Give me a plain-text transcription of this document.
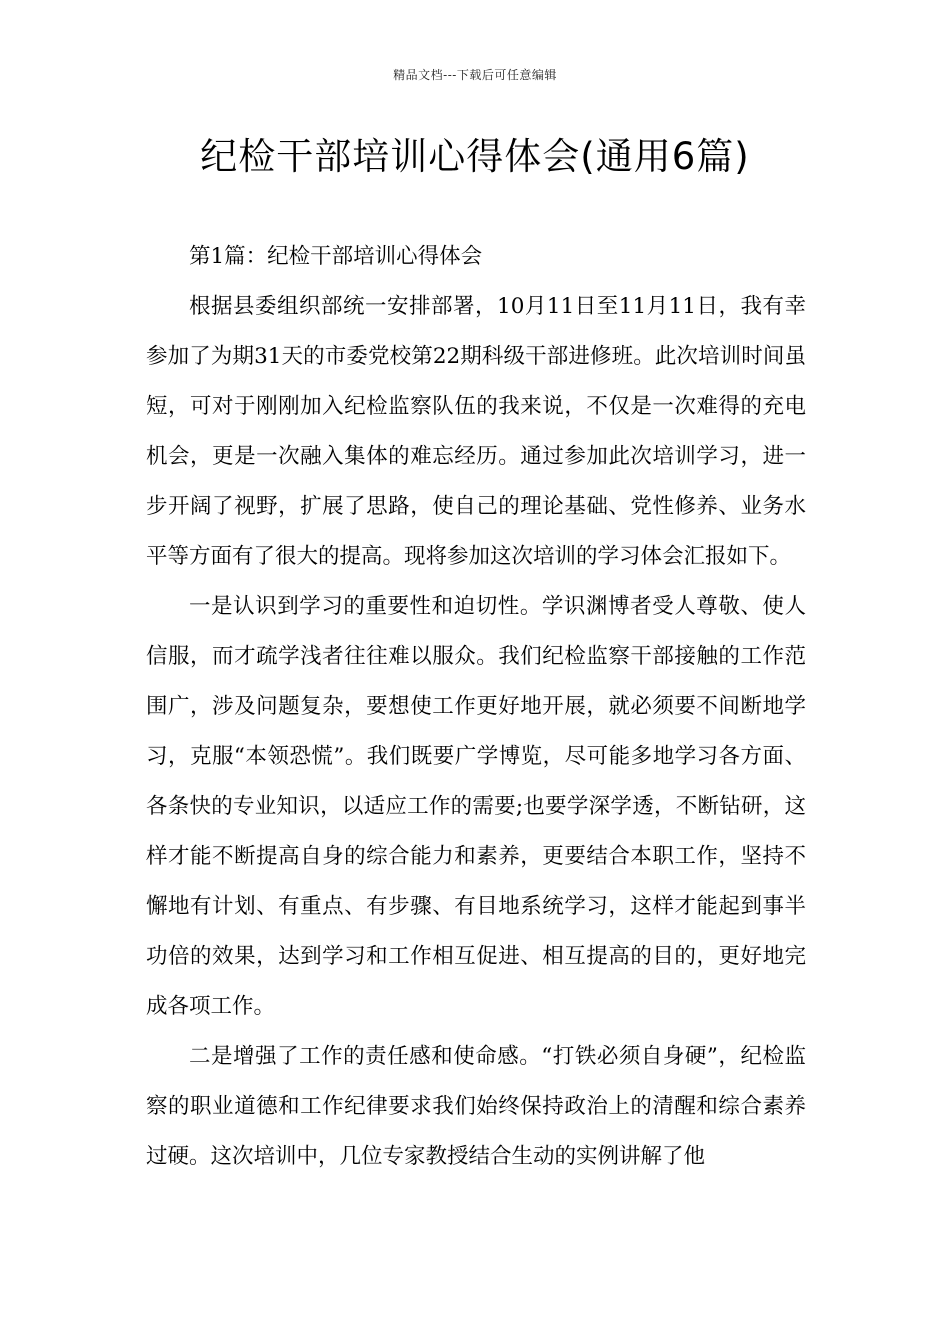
精品文档---下载后可任意编辑
纪检干部培训心得体会(通用6篇)

第1篇：纪检干部培训心得体会

根据县委组织部统一安排部署，10月11日至11月11日，我有幸参加了为期31天的市委党校第22期科级干部进修班。此次培训时间虽短，可对于刚刚加入纪检监察队伍的我来说，不仅是一次难得的充电机会，更是一次融入集体的难忘经历。通过参加此次培训学习，进一步开阔了视野，扩展了思路，使自己的理论基础、党性修养、业务水平等方面有了很大的提高。现将参加这次培训的学习体会汇报如下。

一是认识到学习的重要性和迫切性。学识渊博者受人尊敬、使人信服，而才疏学浅者往往难以服众。我们纪检监察干部接触的工作范围广，涉及问题复杂，要想使工作更好地开展，就必须要不间断地学习，克服“本领恐慌”。我们既要广学博览，尽可能多地学习各方面、各条快的专业知识，以适应工作的需要;也要学深学透，不断钻研，这样才能不断提高自身的综合能力和素养，更要结合本职工作，坚持不懈地有计划、有重点、有步骤、有目地系统学习，这样才能起到事半功倍的效果，达到学习和工作相互促进、相互提高的目的，更好地完成各项工作。

二是增强了工作的责任感和使命感。“打铁必须自身硬”，纪检监察的职业道德和工作纪律要求我们始终保持政治上的清醒和综合素养过硬。这次培训中，几位专家教授结合生动的实例讲解了他
